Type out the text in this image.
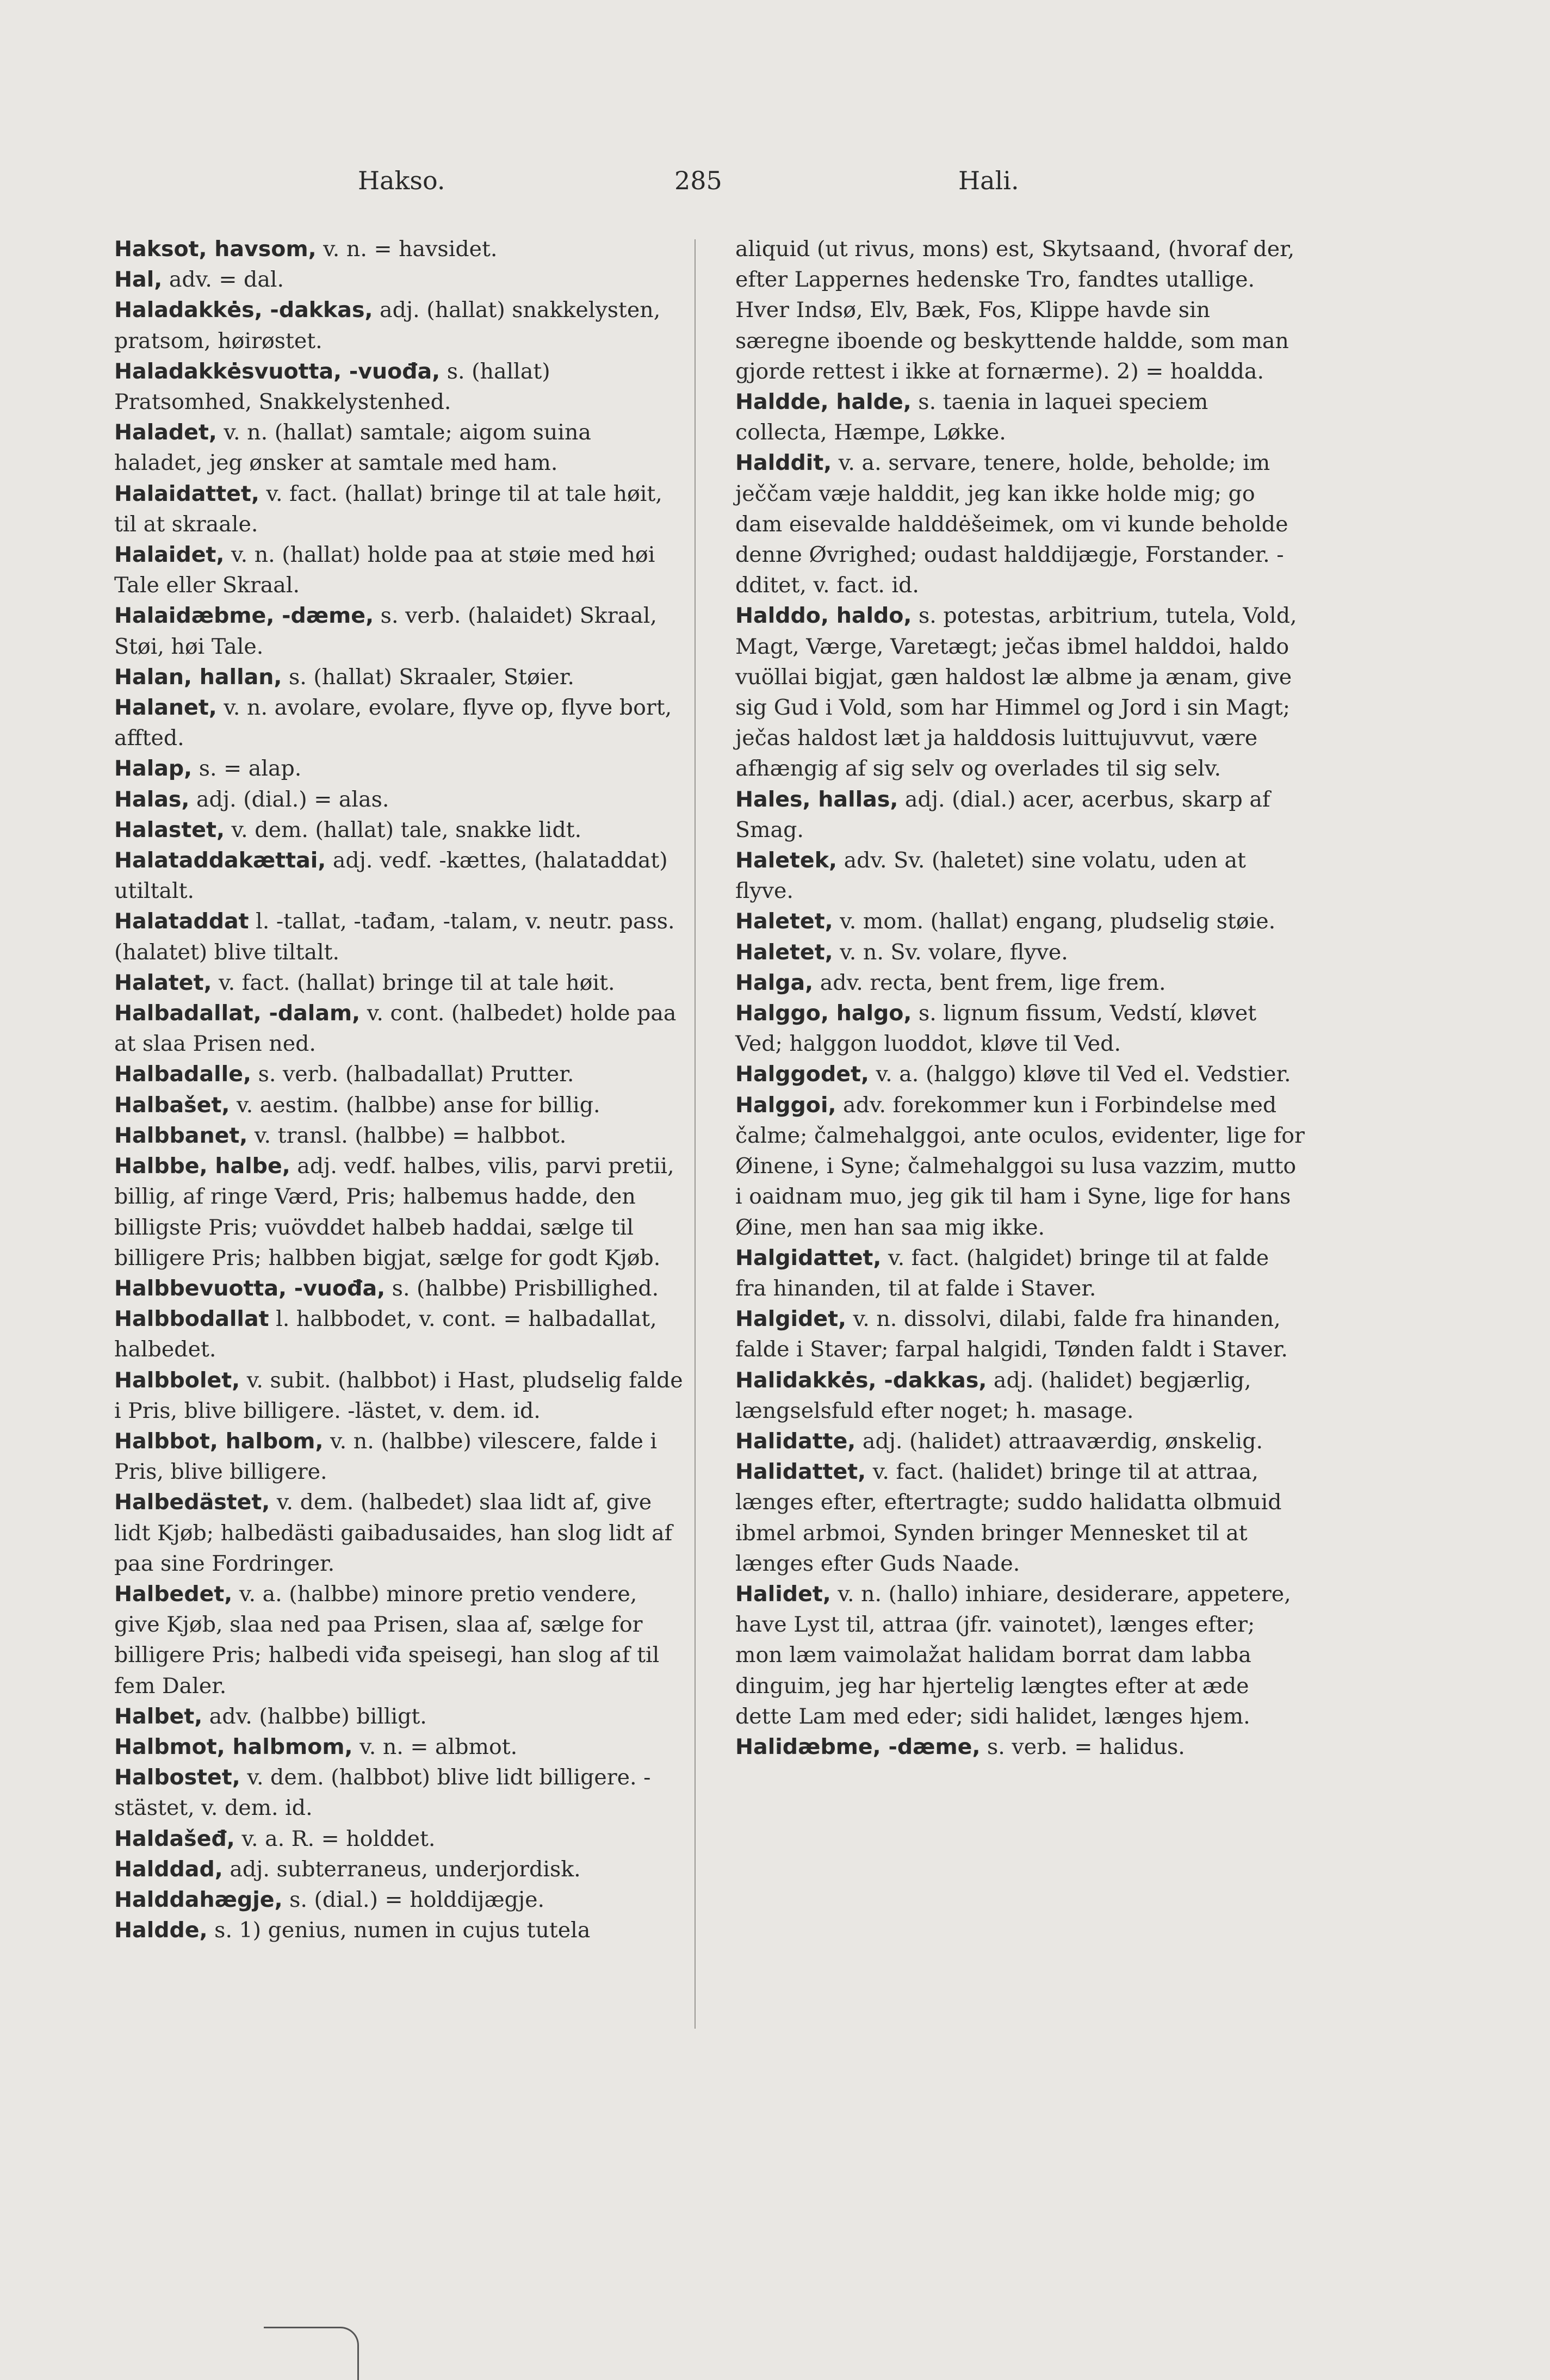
Hakso.	285	Hali.

Haksot, havsom, v. n. = havsidet.

Hal, adv. = dal.

Haladakkės, -dakkas, adj. (hallat) snakkelysten, pratsom, høirøstet.

Haladakkėsvuotta, -vuođa, s. (hallat) Pratsomhed, Snakkelystenhed.

Haladet, v. n. (hallat) samtale; aigom suina haladet, jeg ønsker at samtale med ham.

Halaidattet, v. fact. (hallat) bringe til at tale høit, til at skraale.

Halaidet, v. n. (hallat) holde paa at støie med høi Tale eller Skraal.

Halaidæbme, -dæme, s. verb. (halaidet) Skraal, Støi, høi Tale.

Halan, hallan, s. (hallat) Skraaler, Støier.

Halanet, v. n. avolare, evolare, flyve op, flyve bort, affted.

Halap, s. = alap.

Halas, adj. (dial.) = alas.

Halastet, v. dem. (hallat) tale, snakke lidt.

Halataddakættai, adj. vedf. -kættes, (halataddat) utiltalt.

Halataddat l. -tallat, -tađam, -talam, v. neutr. pass. (halatet) blive tiltalt.

Halatet, v. fact. (hallat) bringe til at tale høit.

Halbadallat, -dalam, v. cont. (halbedet) holde paa at slaa Prisen ned.

Halbadalle, s. verb. (halbadallat) Prutter.

Halbašet, v. aestim. (halbbe) anse for billig.

Halbbanet, v. transl. (halbbe) = halbbot.

Halbbe, halbe, adj. vedf. halbes, vilis, parvi pretii, billig, af ringe Værd, Pris; halbemus hadde, den billigste Pris; vuövddet halbeb haddai, sælge til billigere Pris; halbben bigjat, sælge for godt Kjøb.

Halbbevuotta, -vuođa, s. (halbbe) Prisbillighed.

Halbbodallat l. halbbodet, v. cont. = halbadallat, halbedet.

Halbbolet, v. subit. (halbbot) i Hast, pludselig falde i Pris, blive billigere. -lästet, v. dem. id.

Halbbot, halbom, v. n. (halbbe) vilescere, falde i Pris, blive billigere.

Halbedästet, v. dem. (halbedet) slaa lidt af, give lidt Kjøb; halbedästi gaibadusaides, han slog lidt af paa sine Fordringer.

Halbedet, v. a. (halbbe) minore pretio vendere, give Kjøb, slaa ned paa Prisen, slaa af, sælge for billigere Pris; halbedi viđa speisegi, han slog af til fem Daler.

Halbet, adv. (halbbe) billigt.

Halbmot, halbmom, v. n. = albmot.

Halbostet, v. dem. (halbbot) blive lidt billigere. -stästet, v. dem. id.

Haldašeđ, v. a. R. = holddet.

Halddad, adj. subterraneus, underjordisk.

Halddahægje, s. (dial.) = holddijægje.

Haldde, s. 1) genius, numen in cujus tutela

aliquid (ut rivus, mons) est, Skytsaand, (hvoraf der, efter Lappernes hedenske Tro, fandtes utallige. Hver Indsø, Elv, Bæk, Fos, Klippe havde sin særegne iboende og beskyttende haldde, som man gjorde rettest i ikke at fornærme). 2) = hoaldda.

Haldde, halde, s. taenia in laquei speciem collecta, Hæmpe, Løkke.

Halddit, v. a. servare, tenere, holde, beholde; im ječčam væje halddit, jeg kan ikke holde mig; go dam eisevalde halddėšeimek, om vi kunde beholde denne Øvrighed; oudast halddijægje, Forstander. -dditet, v. fact. id.

Halddo, haldo, s. potestas, arbitrium, tutela, Vold, Magt, Værge, Varetægt; ječas ibmel halddoi, haldo vuöllai bigjat, gæn haldost læ albme ja ænam, give sig Gud i Vold, som har Himmel og Jord i sin Magt; ječas haldost læt ja halddosis luittujuvvut, være afhængig af sig selv og overlades til sig selv.

Hales, hallas, adj. (dial.) acer, acerbus, skarp af Smag.

Haletek, adv. Sv. (haletet) sine volatu, uden at flyve.

Haletet, v. mom. (hallat) engang, pludselig støie.

Haletet, v. n. Sv. volare, flyve.

Halga, adv. recta, bent frem, lige frem.

Halggo, halgo, s. lignum fissum, Vedstí, kløvet Ved; halggon luoddot, kløve til Ved.

Halggodet, v. a. (halggo) kløve til Ved el. Vedstier.

Halggoi, adv. forekommer kun i Forbindelse med čalme; čalmehalggoi, ante oculos, evidenter, lige for Øinene, i Syne; čalmehalggoi su lusa vazzim, mutto i oaidnam muo, jeg gik til ham i Syne, lige for hans Øine, men han saa mig ikke.

Halgidattet, v. fact. (halgidet) bringe til at falde fra hinanden, til at falde i Staver.

Halgidet, v. n. dissolvi, dilabi, falde fra hinanden, falde i Staver; farpal halgidi, Tønden faldt i Staver.

Halidakkės, -dakkas, adj. (halidet) begjærlig, længselsfuld efter noget; h. masage.

Halidatte, adj. (halidet) attraaværdig, ønskelig.

Halidattet, v. fact. (halidet) bringe til at attraa, længes efter, eftertragte; suddo halidatta olbmuid ibmel arbmoi, Synden bringer Mennesket til at længes efter Guds Naade.

Halidet, v. n. (hallo) inhiare, desiderare, appetere, have Lyst til, attraa (jfr. vainotet), længes efter; mon læm vaimolažat halidam borrat dam labba dinguim, jeg har hjertelig længtes efter at æde dette Lam med eder; sidi halidet, længes hjem.

Halidæbme, -dæme, s. verb. = halidus.
